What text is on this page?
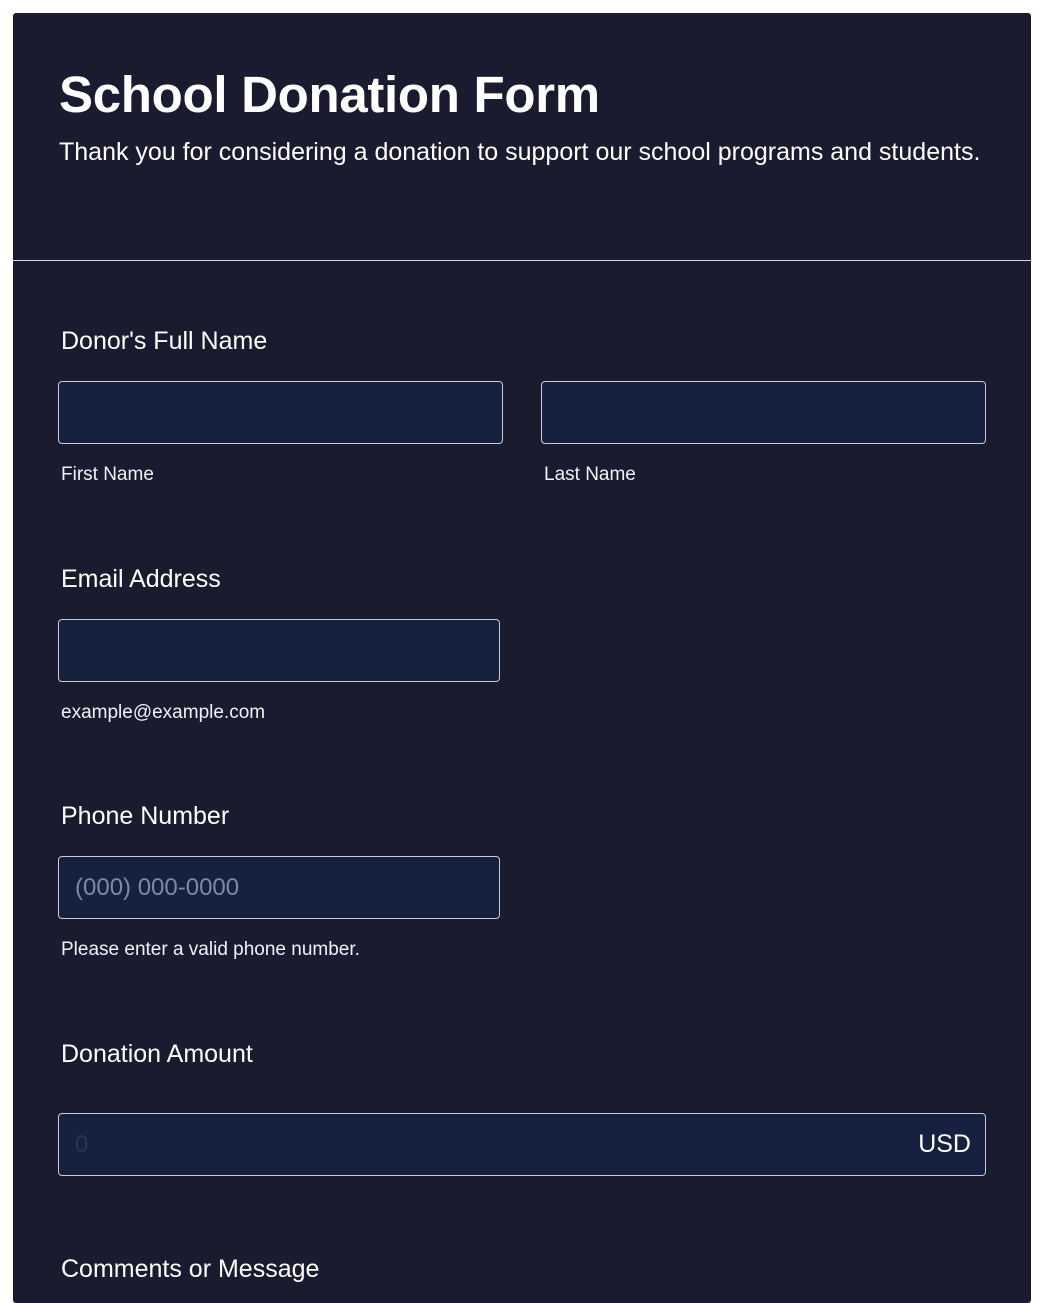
School Donation Form

Thank you for considering a donation to support our school programs and students.

Donor's Full Name
First Name	Last Name
Email Address
example@example.com
Phone Number
(000) 000-0000
Please enter a valid phone number.
Donation Amount
0
USD
Comments or Message
